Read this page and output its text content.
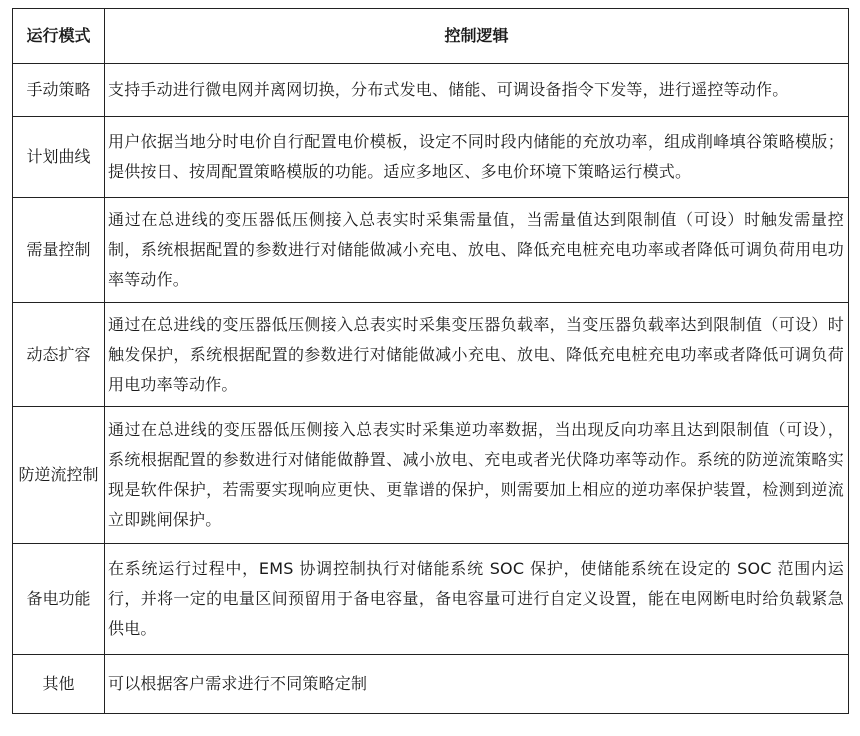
运行模式	控制逻辑
手动策略	支持手动进行微电网并离网切换，分布式发电、储能、可调设备指令下发等，进行遥控等动作。
计划曲线	用户依据当地分时电价自行配置电价模板，设定不同时段内储能的充放功率，组成削峰填谷策略模版；提供按日、按周配置策略模版的功能。适应多地区、多电价环境下策略运行模式。
需量控制	通过在总进线的变压器低压侧接入总表实时采集需量值，当需量值达到限制值（可设）时触发需量控制，系统根据配置的参数进行对储能做减小充电、放电、降低充电桩充电功率或者降低可调负荷用电功率等动作。
动态扩容	通过在总进线的变压器低压侧接入总表实时采集变压器负载率，当变压器负载率达到限制值（可设）时触发保护，系统根据配置的参数进行对储能做减小充电、放电、降低充电桩充电功率或者降低可调负荷用电功率等动作。
防逆流控制	通过在总进线的变压器低压侧接入总表实时采集逆功率数据，当出现反向功率且达到限制值（可设），系统根据配置的参数进行对储能做静置、减小放电、充电或者光伏降功率等动作。系统的防逆流策略实现是软件保护，若需要实现响应更快、更靠谱的保护，则需要加上相应的逆功率保护装置，检测到逆流立即跳闸保护。
备电功能	在系统运行过程中，EMS 协调控制执行对储能系统 SOC 保护，使储能系统在设定的 SOC 范围内运行，并将一定的电量区间预留用于备电容量，备电容量可进行自定义设置，能在电网断电时给负载紧急供电。
其他	可以根据客户需求进行不同策略定制
